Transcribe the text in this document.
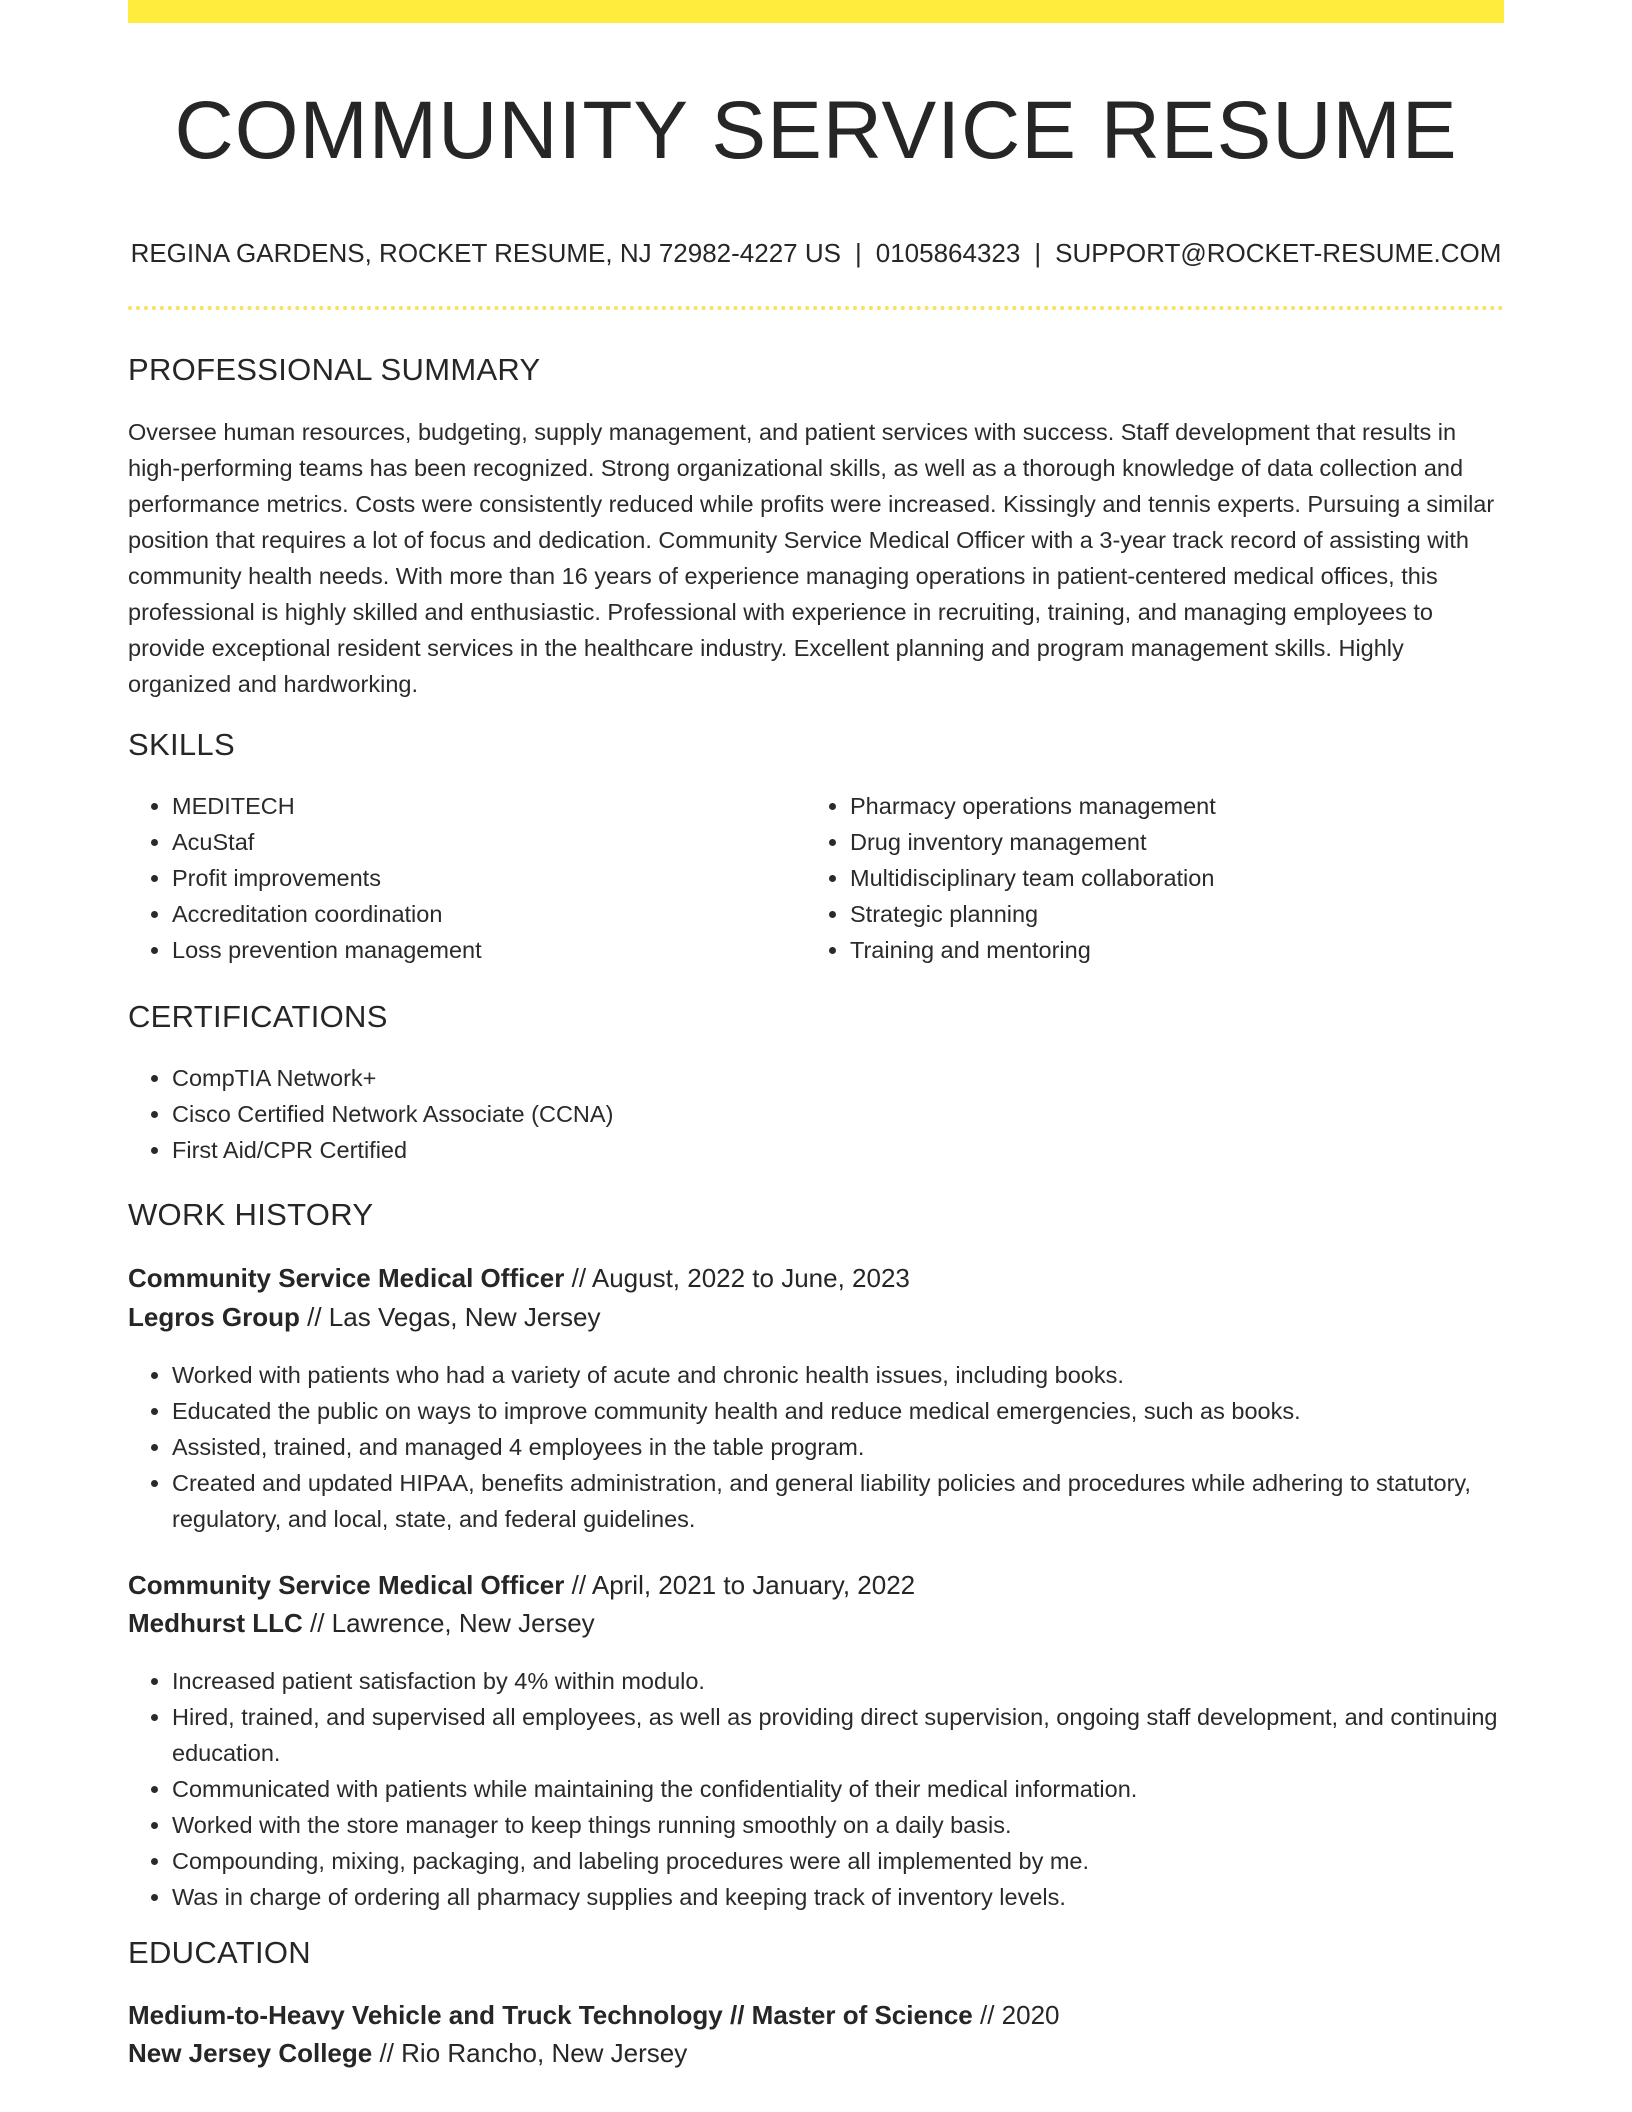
COMMUNITY SERVICE RESUME
REGINA GARDENS, ROCKET RESUME, NJ 72982-4227 US | 0105864323 | SUPPORT@ROCKET-RESUME.COM
PROFESSIONAL SUMMARY

Oversee human resources, budgeting, supply management, and patient services with success. Staff development that results in high-performing teams has been recognized. Strong organizational skills, as well as a thorough knowledge of data collection and performance metrics. Costs were consistently reduced while profits were increased. Kissingly and tennis experts. Pursuing a similar position that requires a lot of focus and dedication. Community Service Medical Officer with a 3-year track record of assisting with community health needs. With more than 16 years of experience managing operations in patient-centered medical offices, this professional is highly skilled and enthusiastic. Professional with experience in recruiting, training, and managing employees to provide exceptional resident services in the healthcare industry. Excellent planning and program management skills. Highly organized and hardworking.

SKILLS
• MEDITECH
• AcuStaf
• Profit improvements
• Accreditation coordination
• Loss prevention management
• Pharmacy operations management
• Drug inventory management
• Multidisciplinary team collaboration
• Strategic planning
• Training and mentoring
CERTIFICATIONS
• CompTIA Network+
• Cisco Certified Network Associate (CCNA)
• First Aid/CPR Certified
WORK HISTORY
Community Service Medical Officer // August, 2022 to June, 2023
Legros Group // Las Vegas, New Jersey
• Worked with patients who had a variety of acute and chronic health issues, including books.
• Educated the public on ways to improve community health and reduce medical emergencies, such as books.
• Assisted, trained, and managed 4 employees in the table program.
• Created and updated HIPAA, benefits administration, and general liability policies and procedures while adhering to statutory, regulatory, and local, state, and federal guidelines.
Community Service Medical Officer // April, 2021 to January, 2022
Medhurst LLC // Lawrence, New Jersey
• Increased patient satisfaction by 4% within modulo.
• Hired, trained, and supervised all employees, as well as providing direct supervision, ongoing staff development, and continuing education.
• Communicated with patients while maintaining the confidentiality of their medical information.
• Worked with the store manager to keep things running smoothly on a daily basis.
• Compounding, mixing, packaging, and labeling procedures were all implemented by me.
• Was in charge of ordering all pharmacy supplies and keeping track of inventory levels.
EDUCATION
Medium-to-Heavy Vehicle and Truck Technology // Master of Science // 2020
New Jersey College // Rio Rancho, New Jersey
